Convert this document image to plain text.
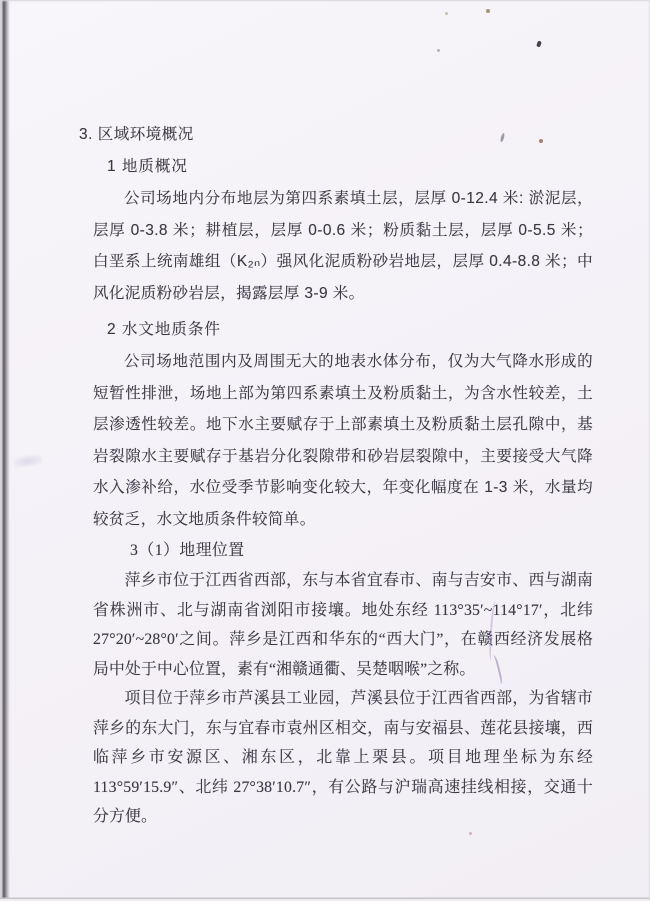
3. 区域环境概况
1 地质概况

公司场地内分布地层为第四系素填土层，层厚 0-12.4 米: 淤泥层，层厚 0-3.8 米；耕植层，层厚 0-0.6 米；粉质黏土层，层厚 0-5.5 米；白垩系上统南雄组（K₂ₙ）强风化泥质粉砂岩地层，层厚 0.4-8.8 米；中风化泥质粉砂岩层，揭露层厚 3-9 米。

2 水文地质条件

公司场地范围内及周围无大的地表水体分布，仅为大气降水形成的短暂性排泄，场地上部为第四系素填土及粉质黏土，为含水性较差，土层渗透性较差。地下水主要赋存于上部素填土及粉质黏土层孔隙中，基岩裂隙水主要赋存于基岩分化裂隙带和砂岩层裂隙中，主要接受大气降水入渗补给，水位受季节影响变化较大，年变化幅度在 1-3 米，水量均较贫乏，水文地质条件较简单。

3（1）地理位置

萍乡市位于江西省西部，东与本省宜春市、南与吉安市、西与湖南省株洲市、北与湖南省浏阳市接壤。地处东经 113°35′~114°17′，北纬 27°20′~28°0′之间。萍乡是江西和华东的“西大门”，在赣西经济发展格局中处于中心位置，素有“湘赣通衢、吴楚咽喉”之称。

项目位于萍乡市芦溪县工业园，芦溪县位于江西省西部，为省辖市萍乡的东大门，东与宜春市袁州区相交，南与安福县、莲花县接壤，西临萍乡市安源区、湘东区，北靠上栗县。项目地理坐标为东经 113°59′15.9″、北纬 27°38′10.7″，有公路与沪瑞高速挂线相接，交通十分方便。
